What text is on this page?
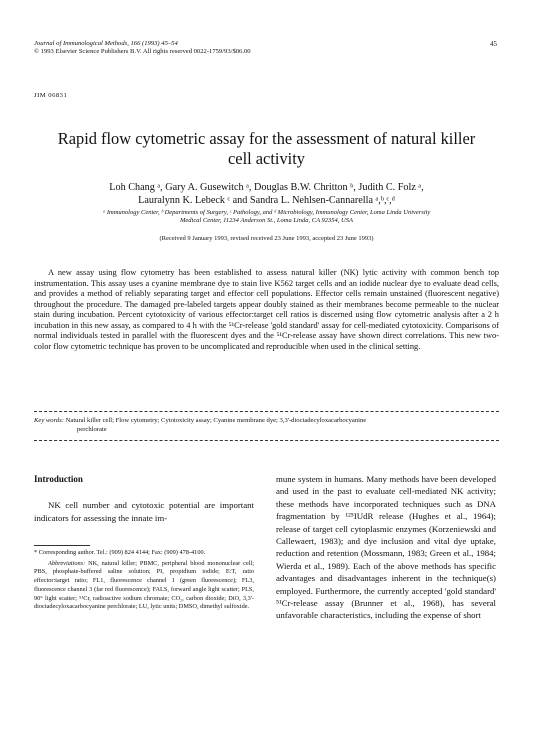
Journal of Immunological Methods, 166 (1993) 45–54
© 1993 Elsevier Science Publishers B.V. All rights reserved 0022-1759/93/$06.00
45
JIM 06831
Rapid flow cytometric assay for the assessment of natural killer
cell activity
Loh Chang ᵃ, Gary A. Gusewitch ᵃ, Douglas B.W. Chritton ᵇ, Judith C. Folz ᵃ,
Lauralynn K. Lebeck ᶜ and Sandra L. Nehlsen-Cannarella ᵃ,ᵇ,ᶜ,ᵈ
ᵃ Immunology Center, ᵇ Departments of Surgery, ᶜ Pathology, and ᵈ Microbiology, Immunology Center, Loma Linda University
Medical Center, 11234 Anderson St., Loma Linda, CA 92354, USA
(Received 9 January 1993, revised received 23 June 1993, accepted 23 June 1993)

A new assay using flow cytometry has been established to assess natural killer (NK) lytic activity with common bench top instrumentation. This assay uses a cyanine membrane dye to stain live K562 target cells and an iodide nuclear dye to evaluate dead cells, and provides a method of reliably separating target and effector cell populations. Effector cells remain unstained (fluorescent negative) throughout the procedure. The damaged pre-labeled targets appear doubly stained as their membranes become permeable to the nuclear stain during incubation. Percent cytotoxicity of various effector:target cell ratios is discerned using flow cytometric analysis after a 2 h incubation in this new assay, as compared to 4 h with the ⁵¹Cr-release 'gold standard' assay for cell-mediated cytotoxicity. Comparisons of normal individuals tested in parallel with the fluorescent dyes and the ⁵¹Cr-release assay have shown direct correlations. This new two-color flow cytometric technique has proven to be uncomplicated and reproducible when used in the clinical setting.

Key words: Natural killer cell; Flow cytometry; Cytotoxicity assay; Cyanine membrane dye; 3,3'-dioctadecyloxacarbocyanine
perchlorate
Introduction

NK cell number and cytotoxic potential are important indicators for assessing the innate im-

* Corresponding author. Tel.: (909) 824 4144; Fax: (909) 478-4100.

Abbreviations: NK, natural killer; PBMC, peripheral blood mononuclear cell; PBS, phosphate-buffered saline solution; PI, propidium iodide; E:T, ratio effector:target ratio; FL1, fluorescence channel 1 (green fluorescence); FL3, fluorescence channel 3 (far red fluorescence); FALS, forward angle light scatter; PLS, 90° light scatter; ⁵¹Cr, radioactive sodium chromate; CO₂, carbon dioxide; DiO, 3,3'-dioctadecyloxacarbocyanine perchlorate; LU, lytic units; DMSO, dimethyl sulfoxide.

mune system in humans. Many methods have been developed and used in the past to evaluate cell-mediated NK activity; these methods have incorporated techniques such as DNA fragmentation by ¹²⁵IUdR release (Hughes et al., 1964); release of target cell cytoplasmic enzymes (Korzeniewski and Callewaert, 1983); and dye inclusion and vital dye uptake, reduction and retention (Mossmann, 1983; Green et al., 1984; Wierda et al., 1989). Each of the above methods has specific advantages and disadvantages inherent in the technique(s) employed. Furthermore, the currently accepted 'gold standard' ⁵¹Cr-release assay (Brunner et al., 1968), has several unfavorable characteristics, including the expense of short
